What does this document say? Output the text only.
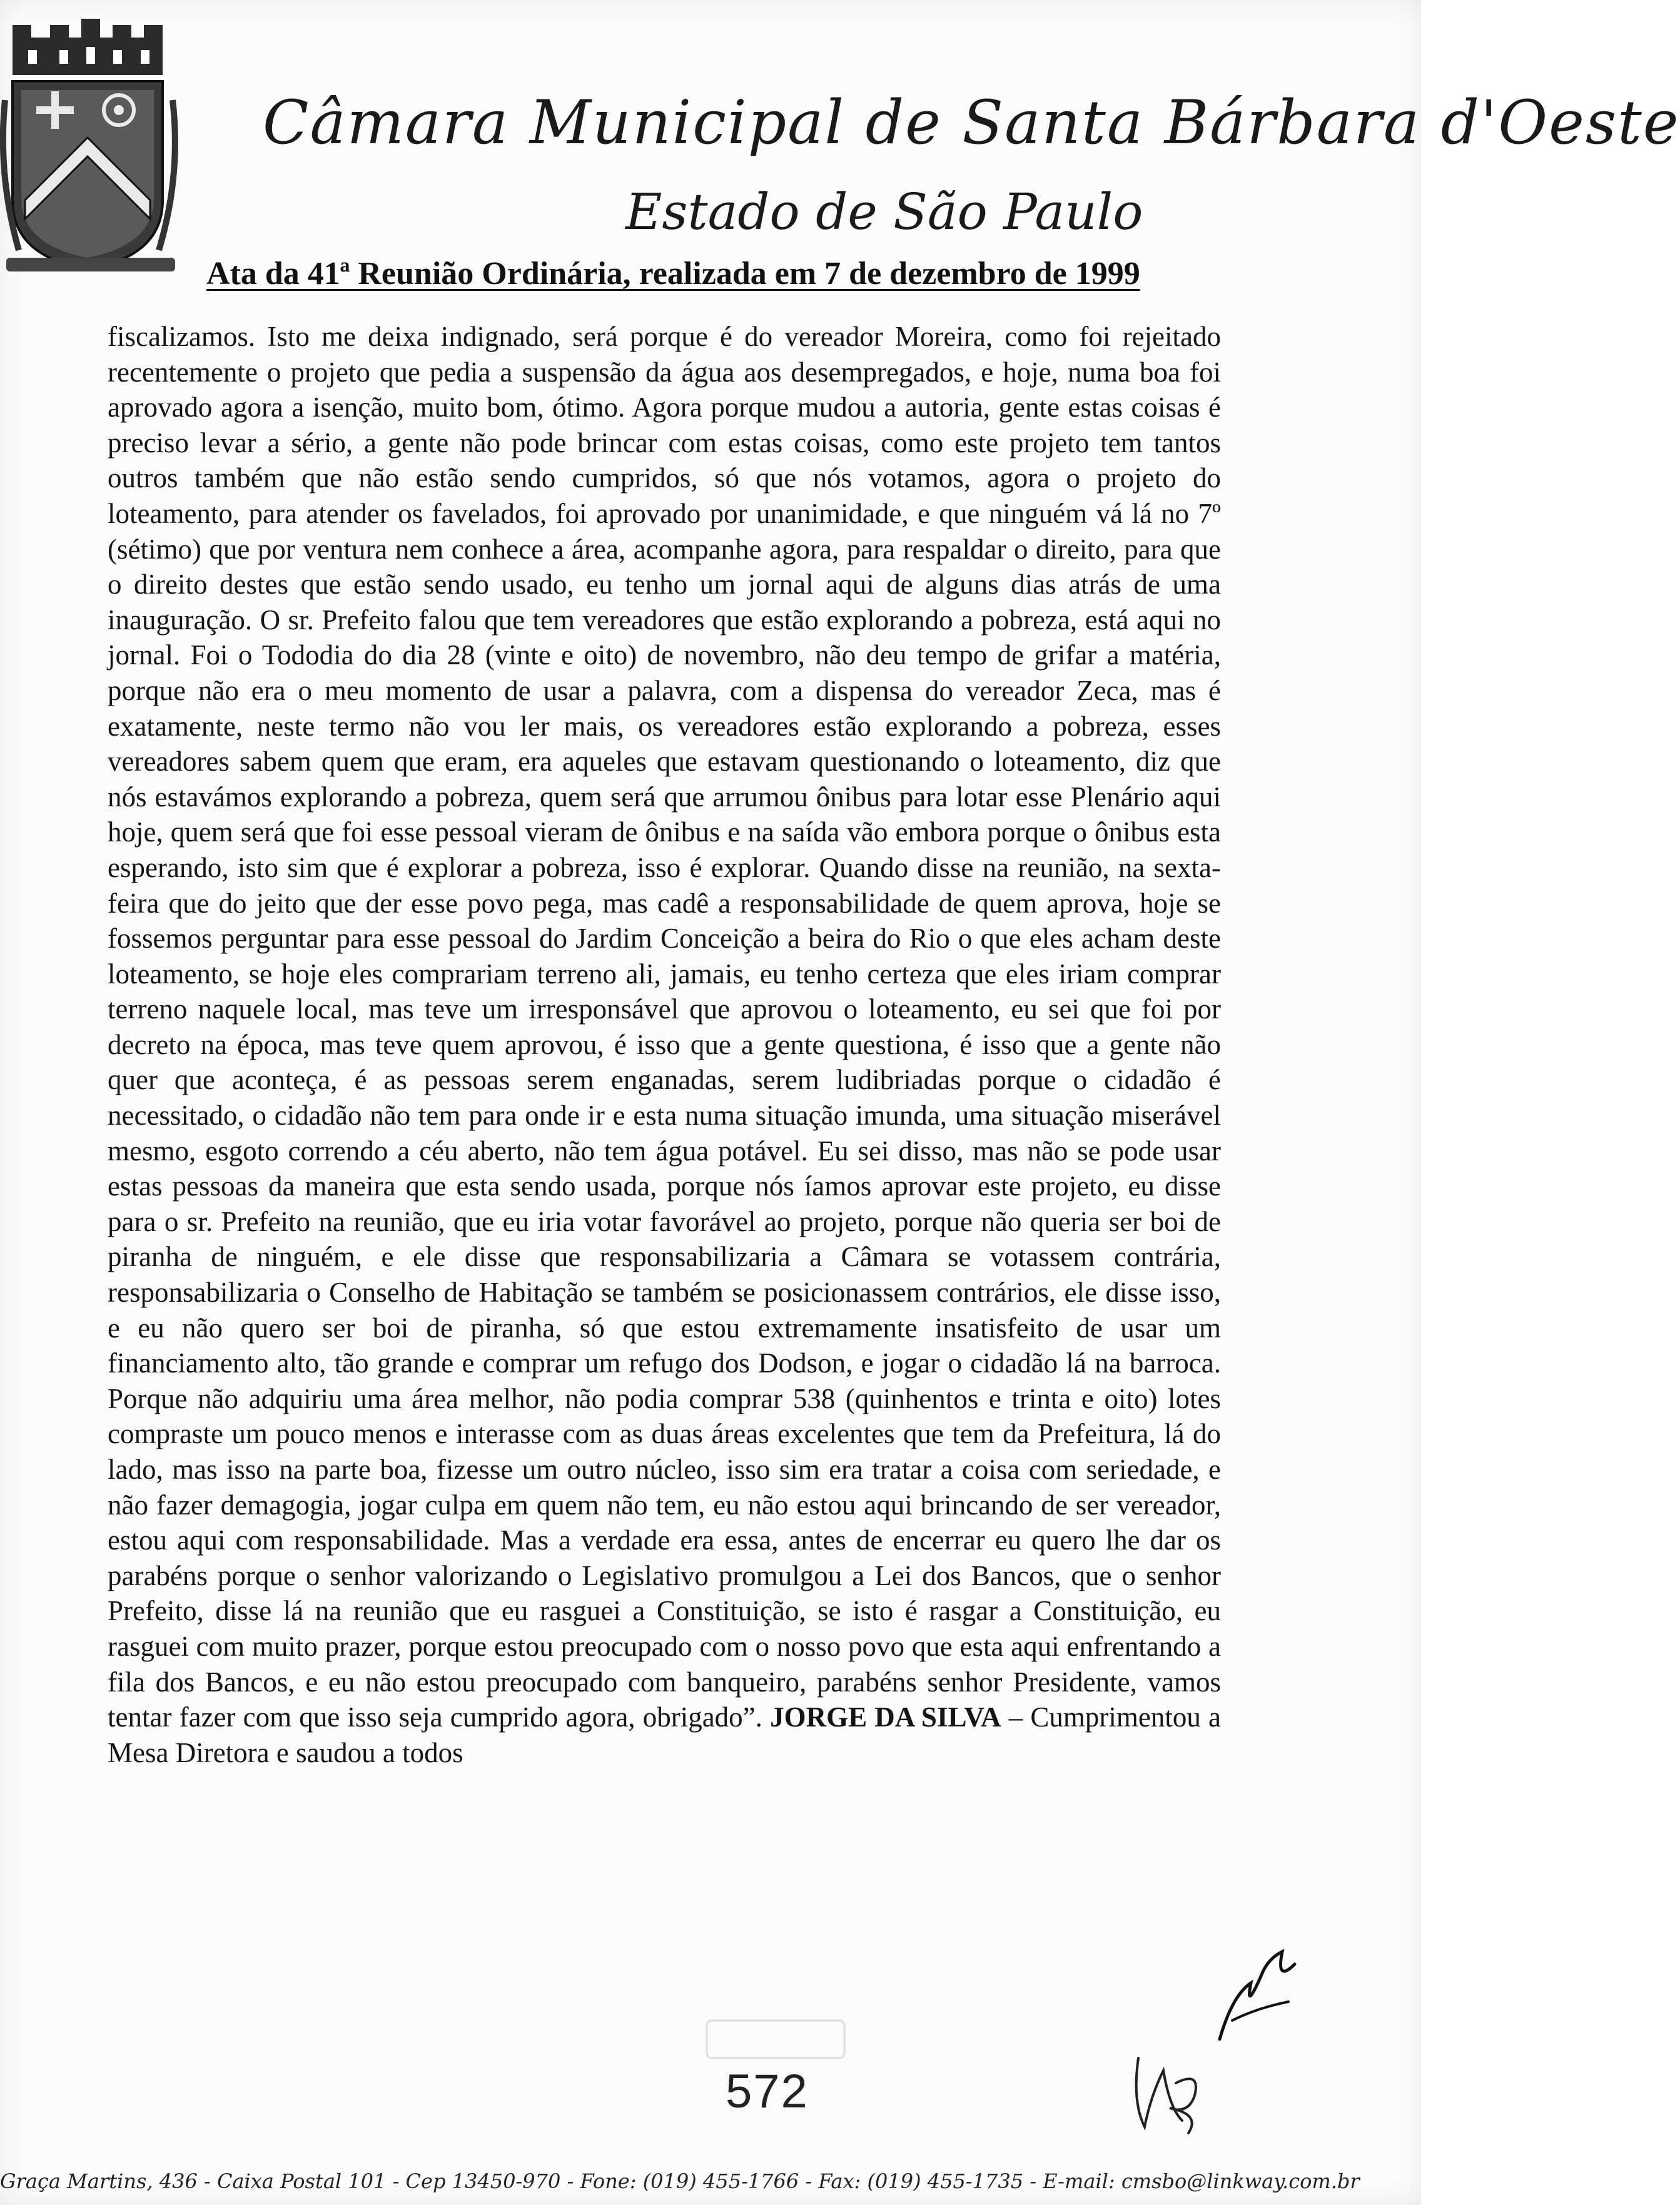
Câmara Municipal de Santa Bárbara d'Oeste
Estado de São Paulo
Ata da 41ª Reunião Ordinária, realizada em 7 de dezembro de 1999
fiscalizamos. Isto me deixa indignado, será porque é do vereador Moreira, como foi rejeitado recentemente o projeto que pedia a suspensão da água aos desempregados, e hoje, numa boa foi aprovado agora a isenção, muito bom, ótimo. Agora porque mudou a autoria, gente estas coisas é preciso levar a sério, a gente não pode brincar com estas coisas, como este projeto tem tantos outros também que não estão sendo cumpridos, só que nós votamos, agora o projeto do loteamento, para atender os favelados, foi aprovado por unanimidade, e que ninguém vá lá no 7º (sétimo) que por ventura nem conhece a área, acompanhe agora, para respaldar o direito, para que o direito destes que estão sendo usado, eu tenho um jornal aqui de alguns dias atrás de uma inauguração. O sr. Prefeito falou que tem vereadores que estão explorando a pobreza, está aqui no jornal. Foi o Tododia do dia 28 (vinte e oito) de novembro, não deu tempo de grifar a matéria, porque não era o meu momento de usar a palavra, com a dispensa do vereador Zeca, mas é exatamente, neste termo não vou ler mais, os vereadores estão explorando a pobreza, esses vereadores sabem quem que eram, era aqueles que estavam questionando o loteamento, diz que nós estavámos explorando a pobreza, quem será que arrumou ônibus para lotar esse Plenário aqui hoje, quem será que foi esse pessoal vieram de ônibus e na saída vão embora porque o ônibus esta esperando, isto sim que é explorar a pobreza, isso é explorar. Quando disse na reunião, na sexta-feira que do jeito que der esse povo pega, mas cadê a responsabilidade de quem aprova, hoje se fossemos perguntar para esse pessoal do Jardim Conceição a beira do Rio o que eles acham deste loteamento, se hoje eles comprariam terreno ali, jamais, eu tenho certeza que eles iriam comprar terreno naquele local, mas teve um irresponsável que aprovou o loteamento, eu sei que foi por decreto na época, mas teve quem aprovou, é isso que a gente questiona, é isso que a gente não quer que aconteça, é as pessoas serem enganadas, serem ludibriadas porque o cidadão é necessitado, o cidadão não tem para onde ir e esta numa situação imunda, uma situação miserável mesmo, esgoto correndo a céu aberto, não tem água potável. Eu sei disso, mas não se pode usar estas pessoas da maneira que esta sendo usada, porque nós íamos aprovar este projeto, eu disse para o sr. Prefeito na reunião, que eu iria votar favorável ao projeto, porque não queria ser boi de piranha de ninguém, e ele disse que responsabilizaria a Câmara se votassem contrária, responsabilizaria o Conselho de Habitação se também se posicionassem contrários, ele disse isso, e eu não quero ser boi de piranha, só que estou extremamente insatisfeito de usar um financiamento alto, tão grande e comprar um refugo dos Dodson, e jogar o cidadão lá na barroca. Porque não adquiriu uma área melhor, não podia comprar 538 (quinhentos e trinta e oito) lotes compraste um pouco menos e interasse com as duas áreas excelentes que tem da Prefeitura, lá do lado, mas isso na parte boa, fizesse um outro núcleo, isso sim era tratar a coisa com seriedade, e não fazer demagogia, jogar culpa em quem não tem, eu não estou aqui brincando de ser vereador, estou aqui com responsabilidade. Mas a verdade era essa, antes de encerrar eu quero lhe dar os parabéns porque o senhor valorizando o Legislativo promulgou a Lei dos Bancos, que o senhor Prefeito, disse lá na reunião que eu rasguei a Constituição, se isto é rasgar a Constituição, eu rasguei com muito prazer, porque estou preocupado com o nosso povo que esta aqui enfrentando a fila dos Bancos, e eu não estou preocupado com banqueiro, parabéns senhor Presidente, vamos tentar fazer com que isso seja cumprido agora, obrigado”. JORGE DA SILVA – Cumprimentou a Mesa Diretora e saudou a todos
572
Graça Martins, 436 - Caixa Postal 101 - Cep 13450-970 - Fone: (019) 455-1766 - Fax: (019) 455-1735 - E-mail: cmsbo@linkway.com.br
